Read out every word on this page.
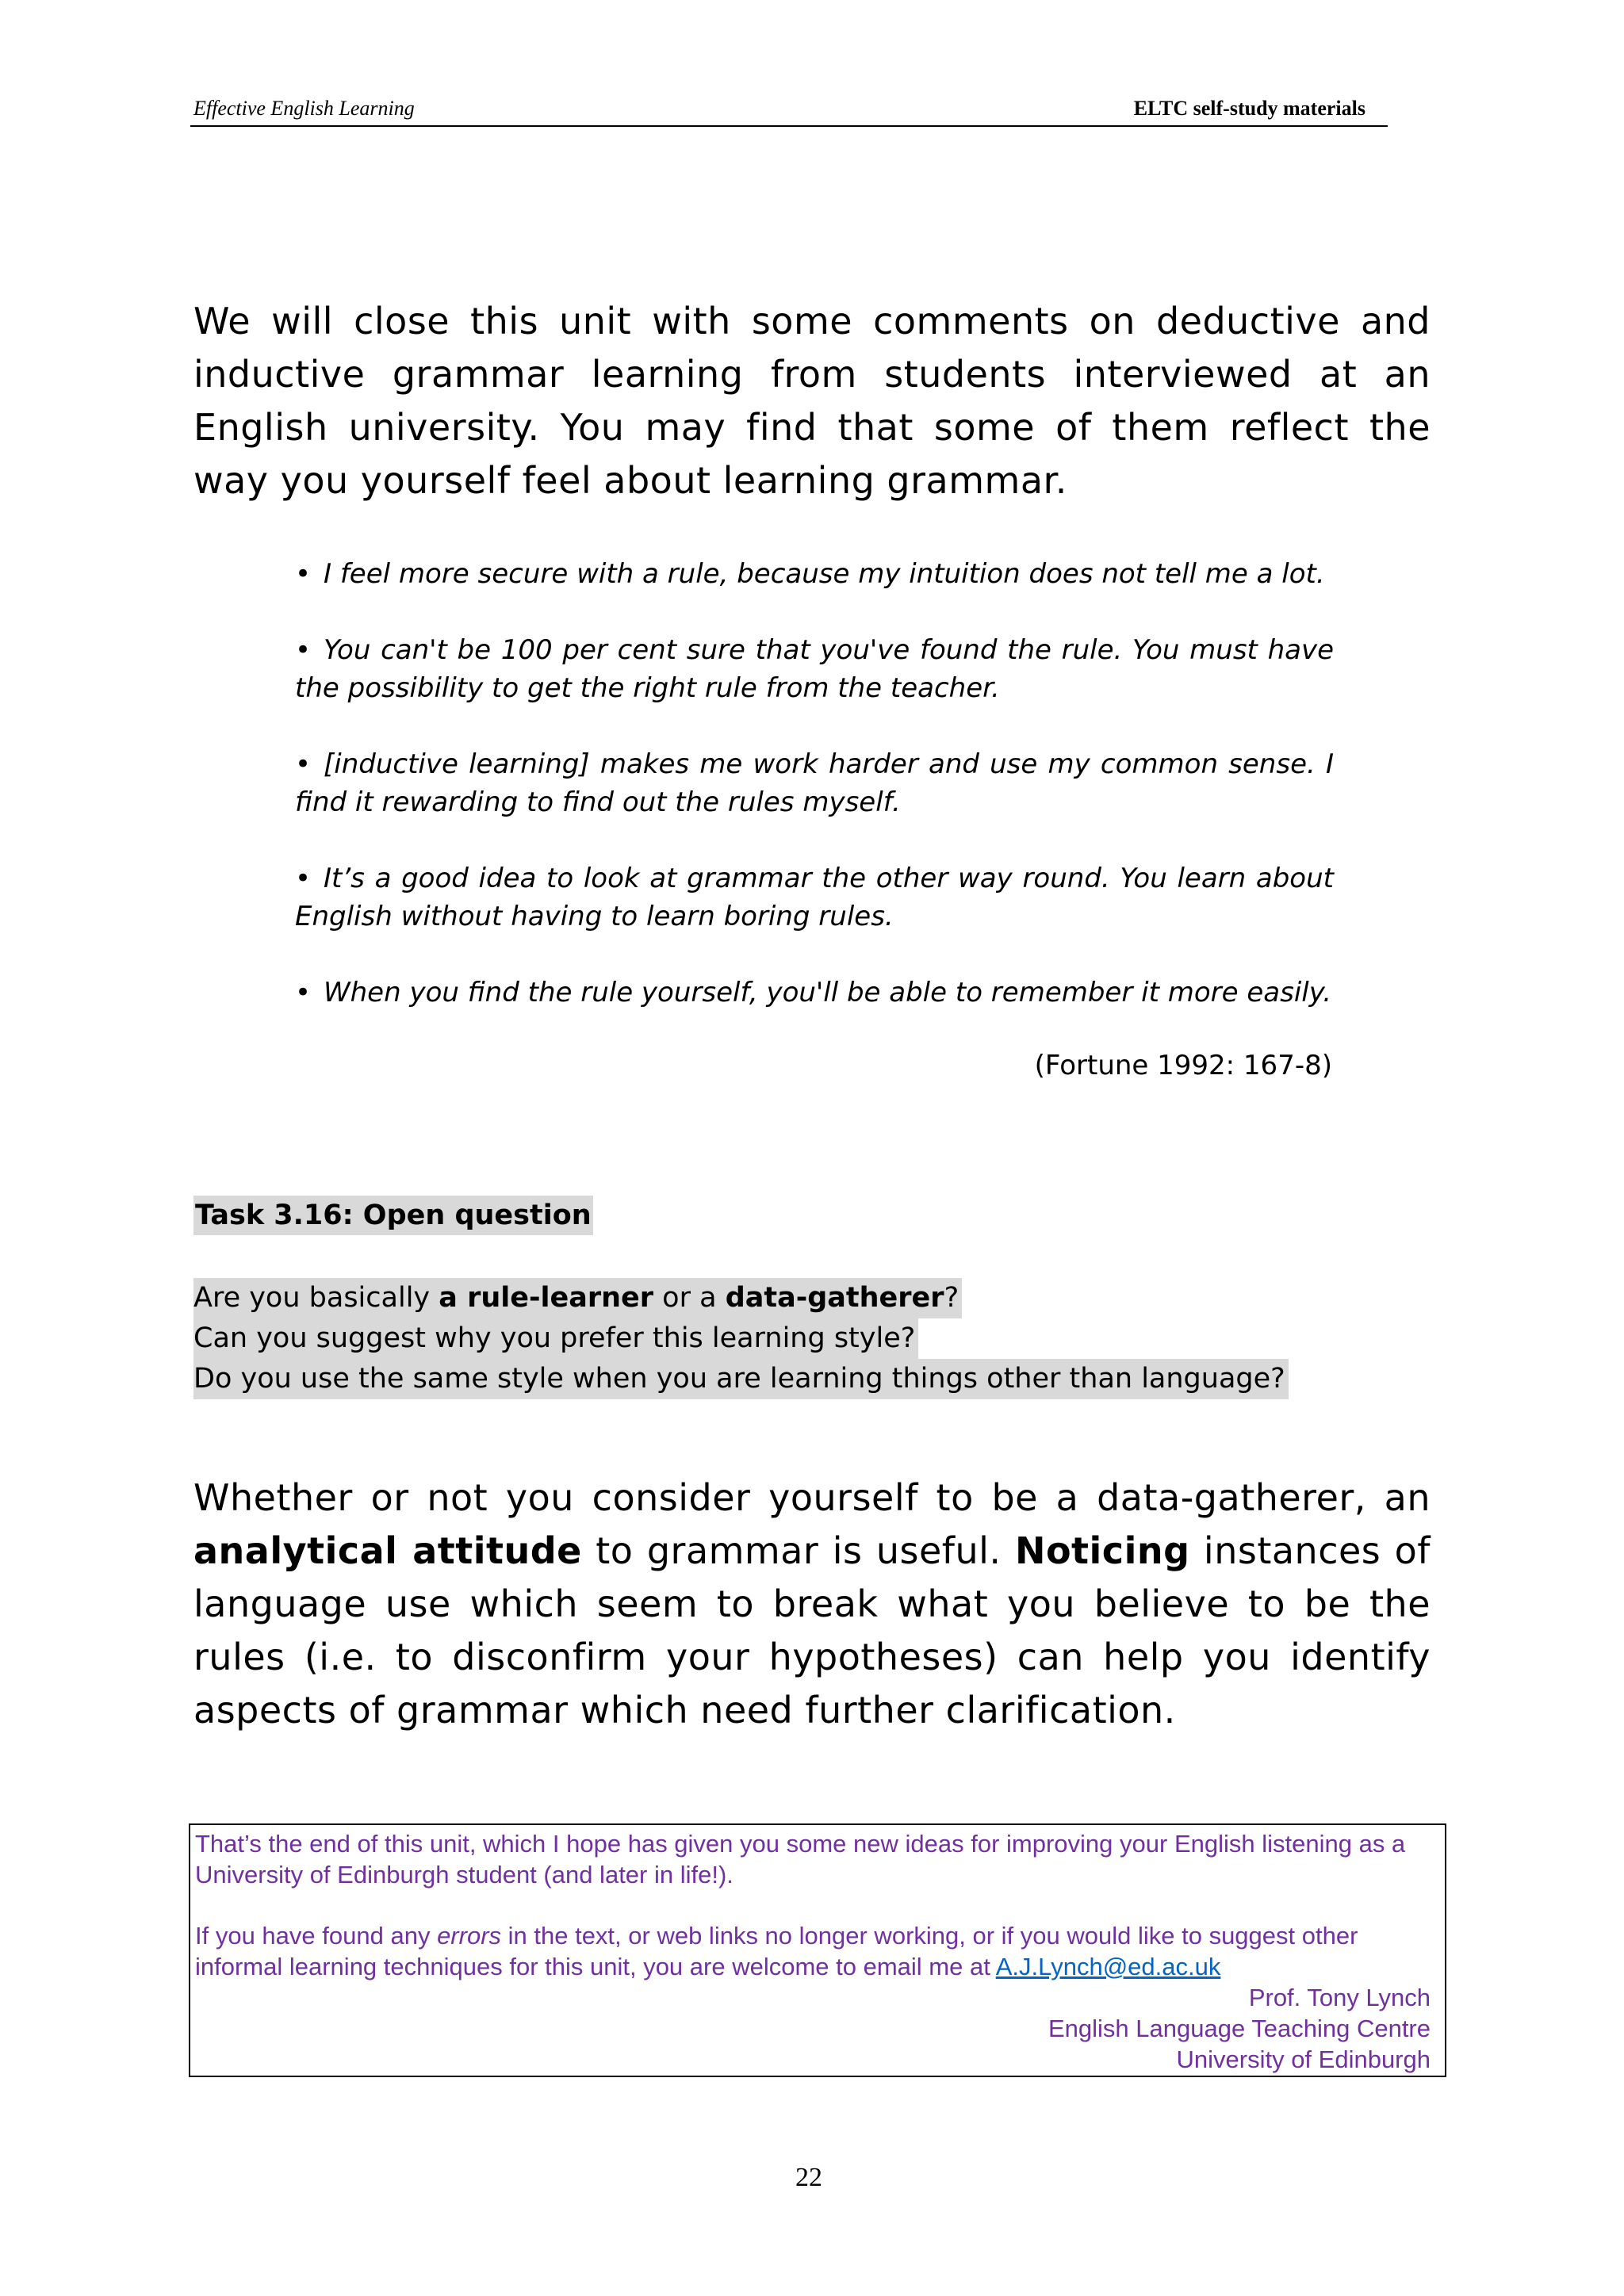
Effective English Learning	ELTC self-study materials
We will close this unit with some comments on deductive and inductive grammar learning from students interviewed at an English university. You may find that some of them reflect the way you yourself feel about learning grammar.
• I feel more secure with a rule, because my intuition does not tell me a lot.
• You can't be 100 per cent sure that you've found the rule. You must have the possibility to get the right rule from the teacher.
• [inductive learning] makes me work harder and use my common sense. I find it rewarding to find out the rules myself.
• It’s a good idea to look at grammar the other way round. You learn about English without having to learn boring rules.
• When you find the rule yourself, you'll be able to remember it more easily.
(Fortune 1992: 167-8)
Task 3.16: Open question
Are you basically a rule-learner or a data-gatherer?
Can you suggest why you prefer this learning style?
Do you use the same style when you are learning things other than language?
Whether or not you consider yourself to be a data-gatherer, an analytical attitude to grammar is useful. Noticing instances of language use which seem to break what you believe to be the rules (i.e. to disconfirm your hypotheses) can help you identify aspects of grammar which need further clarification.

That’s the end of this unit, which I hope has given you some new ideas for improving your English listening as a University of Edinburgh student (and later in life!).

If you have found any errors in the text, or web links no longer working, or if you would like to suggest other informal learning techniques for this unit, you are welcome to email me at A.J.Lynch@ed.ac.uk

Prof. Tony Lynch

English Language Teaching Centre

University of Edinburgh

22
